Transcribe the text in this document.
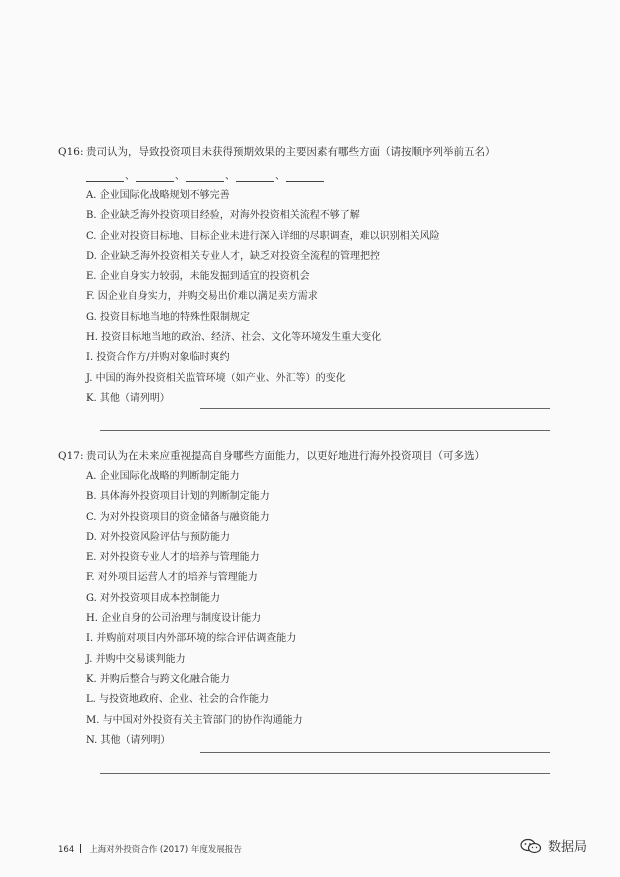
Q16: 贵司认为，导致投资项目未获得预期效果的主要因素有哪些方面（请按顺序列举前五名）
、	、	、	、
A. 企业国际化战略规划不够完善
B. 企业缺乏海外投资项目经验，对海外投资相关流程不够了解
C. 企业对投资目标地、目标企业未进行深入详细的尽职调查，难以识别相关风险
D. 企业缺乏海外投资相关专业人才，缺乏对投资全流程的管理把控
E. 企业自身实力较弱，未能发掘到适宜的投资机会
F. 因企业自身实力，并购交易出价难以满足卖方需求
G. 投资目标地当地的特殊性限制规定
H. 投资目标地当地的政治、经济、社会、文化等环境发生重大变化
I. 投资合作方/并购对象临时爽约
J. 中国的海外投资相关监管环境（如产业、外汇等）的变化
K. 其他（请列明）
Q17: 贵司认为在未来应重视提高自身哪些方面能力，以更好地进行海外投资项目（可多选）
A. 企业国际化战略的判断制定能力
B. 具体海外投资项目计划的判断制定能力
C. 为对外投资项目的资金储备与融资能力
D. 对外投资风险评估与预防能力
E. 对外投资专业人才的培养与管理能力
F. 对外项目运营人才的培养与管理能力
G. 对外投资项目成本控制能力
H. 企业自身的公司治理与制度设计能力
I. 并购前对项目内外部环境的综合评估调查能力
J. 并购中交易谈判能力
K. 并购后整合与跨文化融合能力
L. 与投资地政府、企业、社会的合作能力
M. 与中国对外投资有关主管部门的协作沟通能力
N. 其他（请列明）
164 上海对外投资合作 (2017) 年度发展报告	数据局
